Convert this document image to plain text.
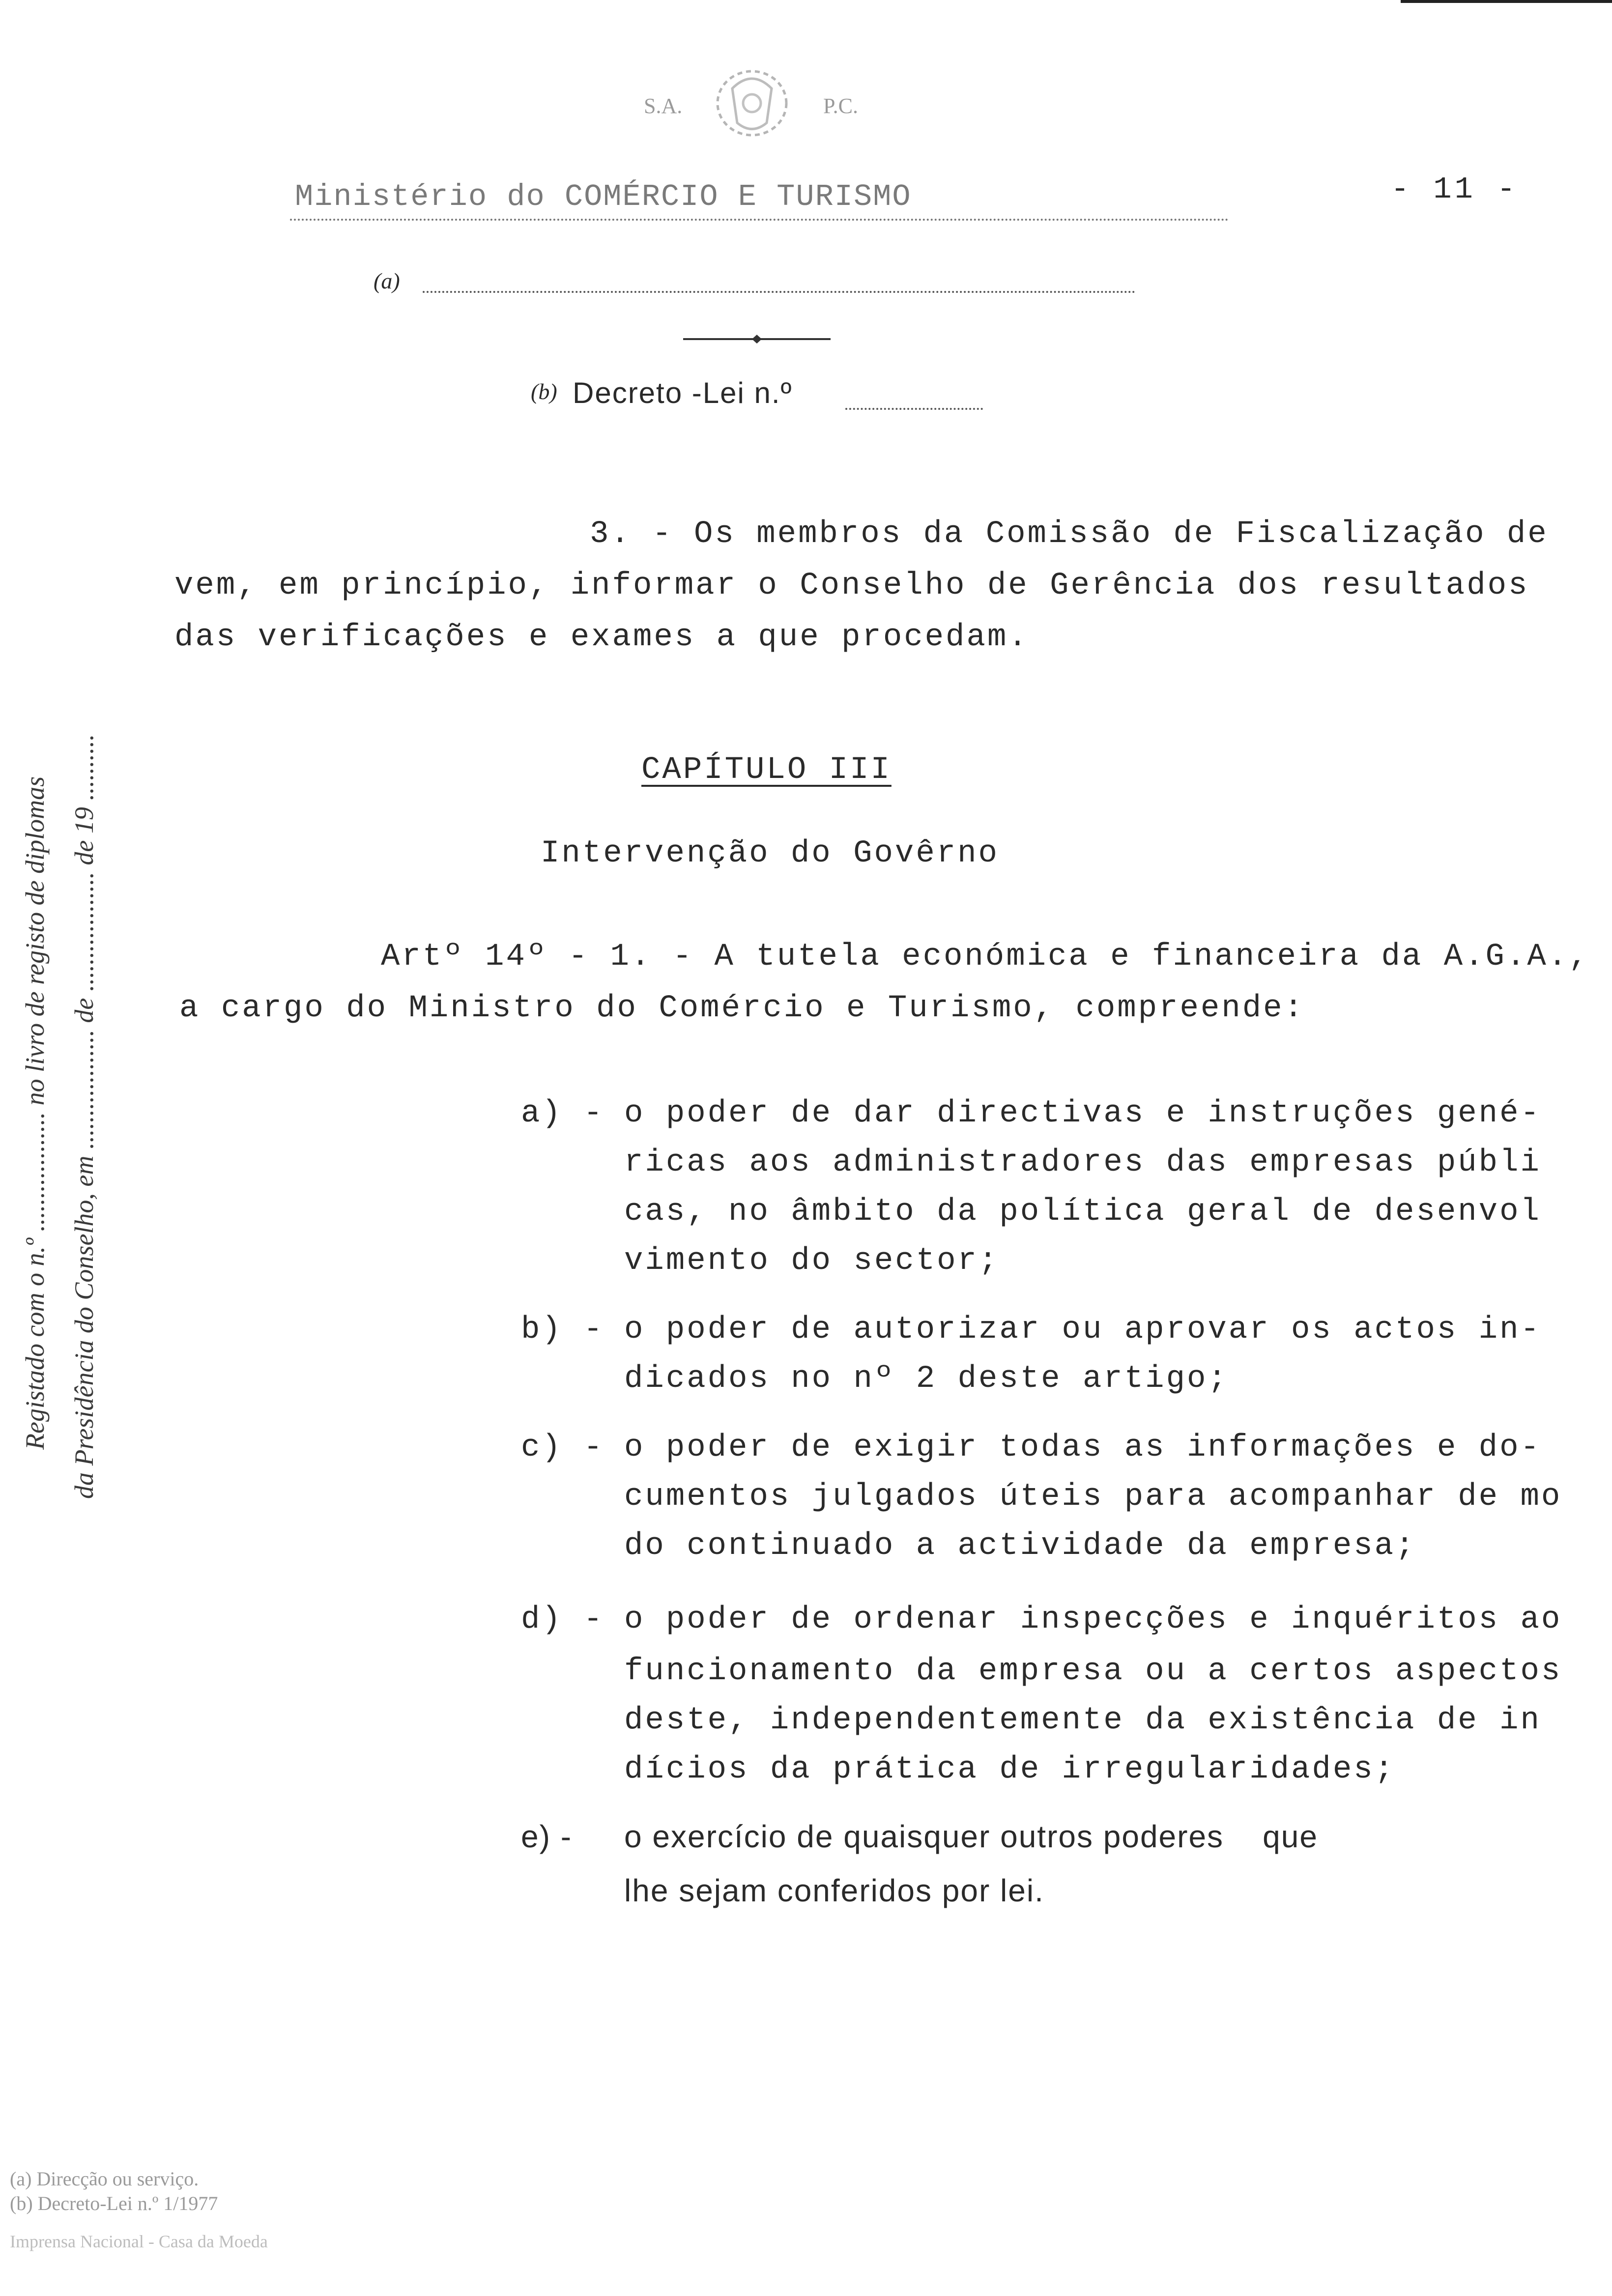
S.A.	P.C.
Ministério do COMÉRCIO E TURISMO	- 11 -
(a)
(b) Decreto -Lei n.º
Registado com o n.º .................. no livro de registo de diplomas da Presidência do Conselho, em .................. de .................. de 19 ..........
3. - Os membros da Comissão de Fiscalização de
vem, em princípio, informar o Conselho de Gerência dos resultados
das verificações e exames a que procedam.
CAPÍTULO III
Intervenção do Govêrno
Artº 14º - 1. - A tutela económica e financeira da A.G.A.,
a cargo do Ministro do Comércio e Turismo, compreende:
a) - o poder de dar directivas e instruções gené-
ricas aos administradores das empresas públi
cas, no âmbito da política geral de desenvol
vimento do sector;
b) - o poder de autorizar ou aprovar os actos in-
dicados no nº 2 deste artigo;
c) - o poder de exigir todas as informações e do-
cumentos julgados úteis para acompanhar de mo
do continuado a actividade da empresa;
d) - o poder de ordenar inspecções e inquéritos ao
funcionamento da empresa ou a certos aspectos
deste, independentemente da existência de in
dícios da prática de irregularidades;
e) - o exercício de quaisquer outros poderes    que
lhe sejam conferidos por lei.
(a) Direcção ou serviço.
(b) Decreto-Lei n.º 1/1977
Imprensa Nacional - Casa da Moeda
